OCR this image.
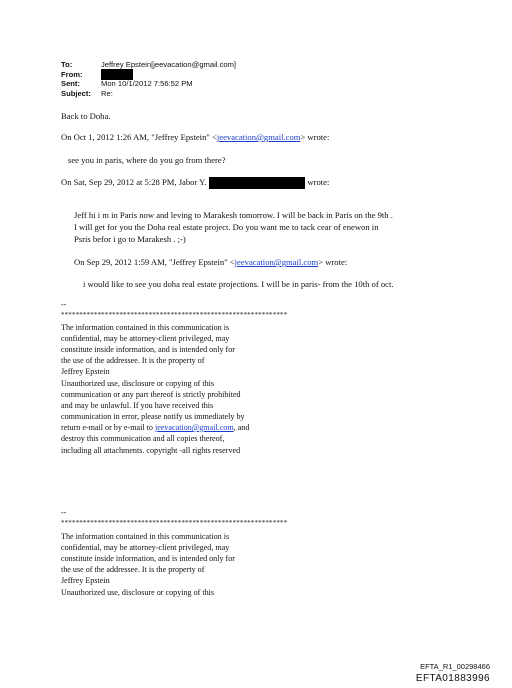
To:	Jeffrey Epstein[jeevacation@gmail.com]
From:
Sent:	Mon 10/1/2012 7:56:52 PM
Subject: Re:
Back to Doha.
On Oct 1, 2012 1:26 AM, "Jeffrey Epstein" <jeevacation@gmail.com> wrote:
see you in paris, where do you go from there?
On Sat, Sep 29, 2012 at 5:28 PM, Jabor Y.	wrote:
Jeff hi i m in Paris now and leving to Marakesh tomorrow. I will be back in Paris on the 9th .
I will get for you the Doha real estate project. Do you want me to tack cear of enewon in
Psris befor i go to Marakesh . ;-)
On Sep 29, 2012 1:59 AM, "Jeffrey Epstein" <jeevacation@gmail.com> wrote:
i would like to see you doha real estate projections. I will be in paris- from the 10th of oct.
--
**************************************************************
The information contained in this communication is
confidential, may be attorney-client privileged, may
constitute inside information, and is intended only for
the use of the addressee. It is the property of
Jeffrey Epstein
Unauthorized use, disclosure or copying of this
communication or any part thereof is strictly prohibited
and may be unlawful. If you have received this
communication in error, please notify us immediately by
return e-mail or by e-mail to jeevacation@gmail.com, and
destroy this communication and all copies thereof,
including all attachments. copyright -all rights reserved
--
**************************************************************
The information contained in this communication is
confidential, may be attorney-client privileged, may
constitute inside information, and is intended only for
the use of the addressee. It is the property of
Jeffrey Epstein
Unauthorized use, disclosure or copying of this
EFTA_R1_00298466
EFTA01883996
